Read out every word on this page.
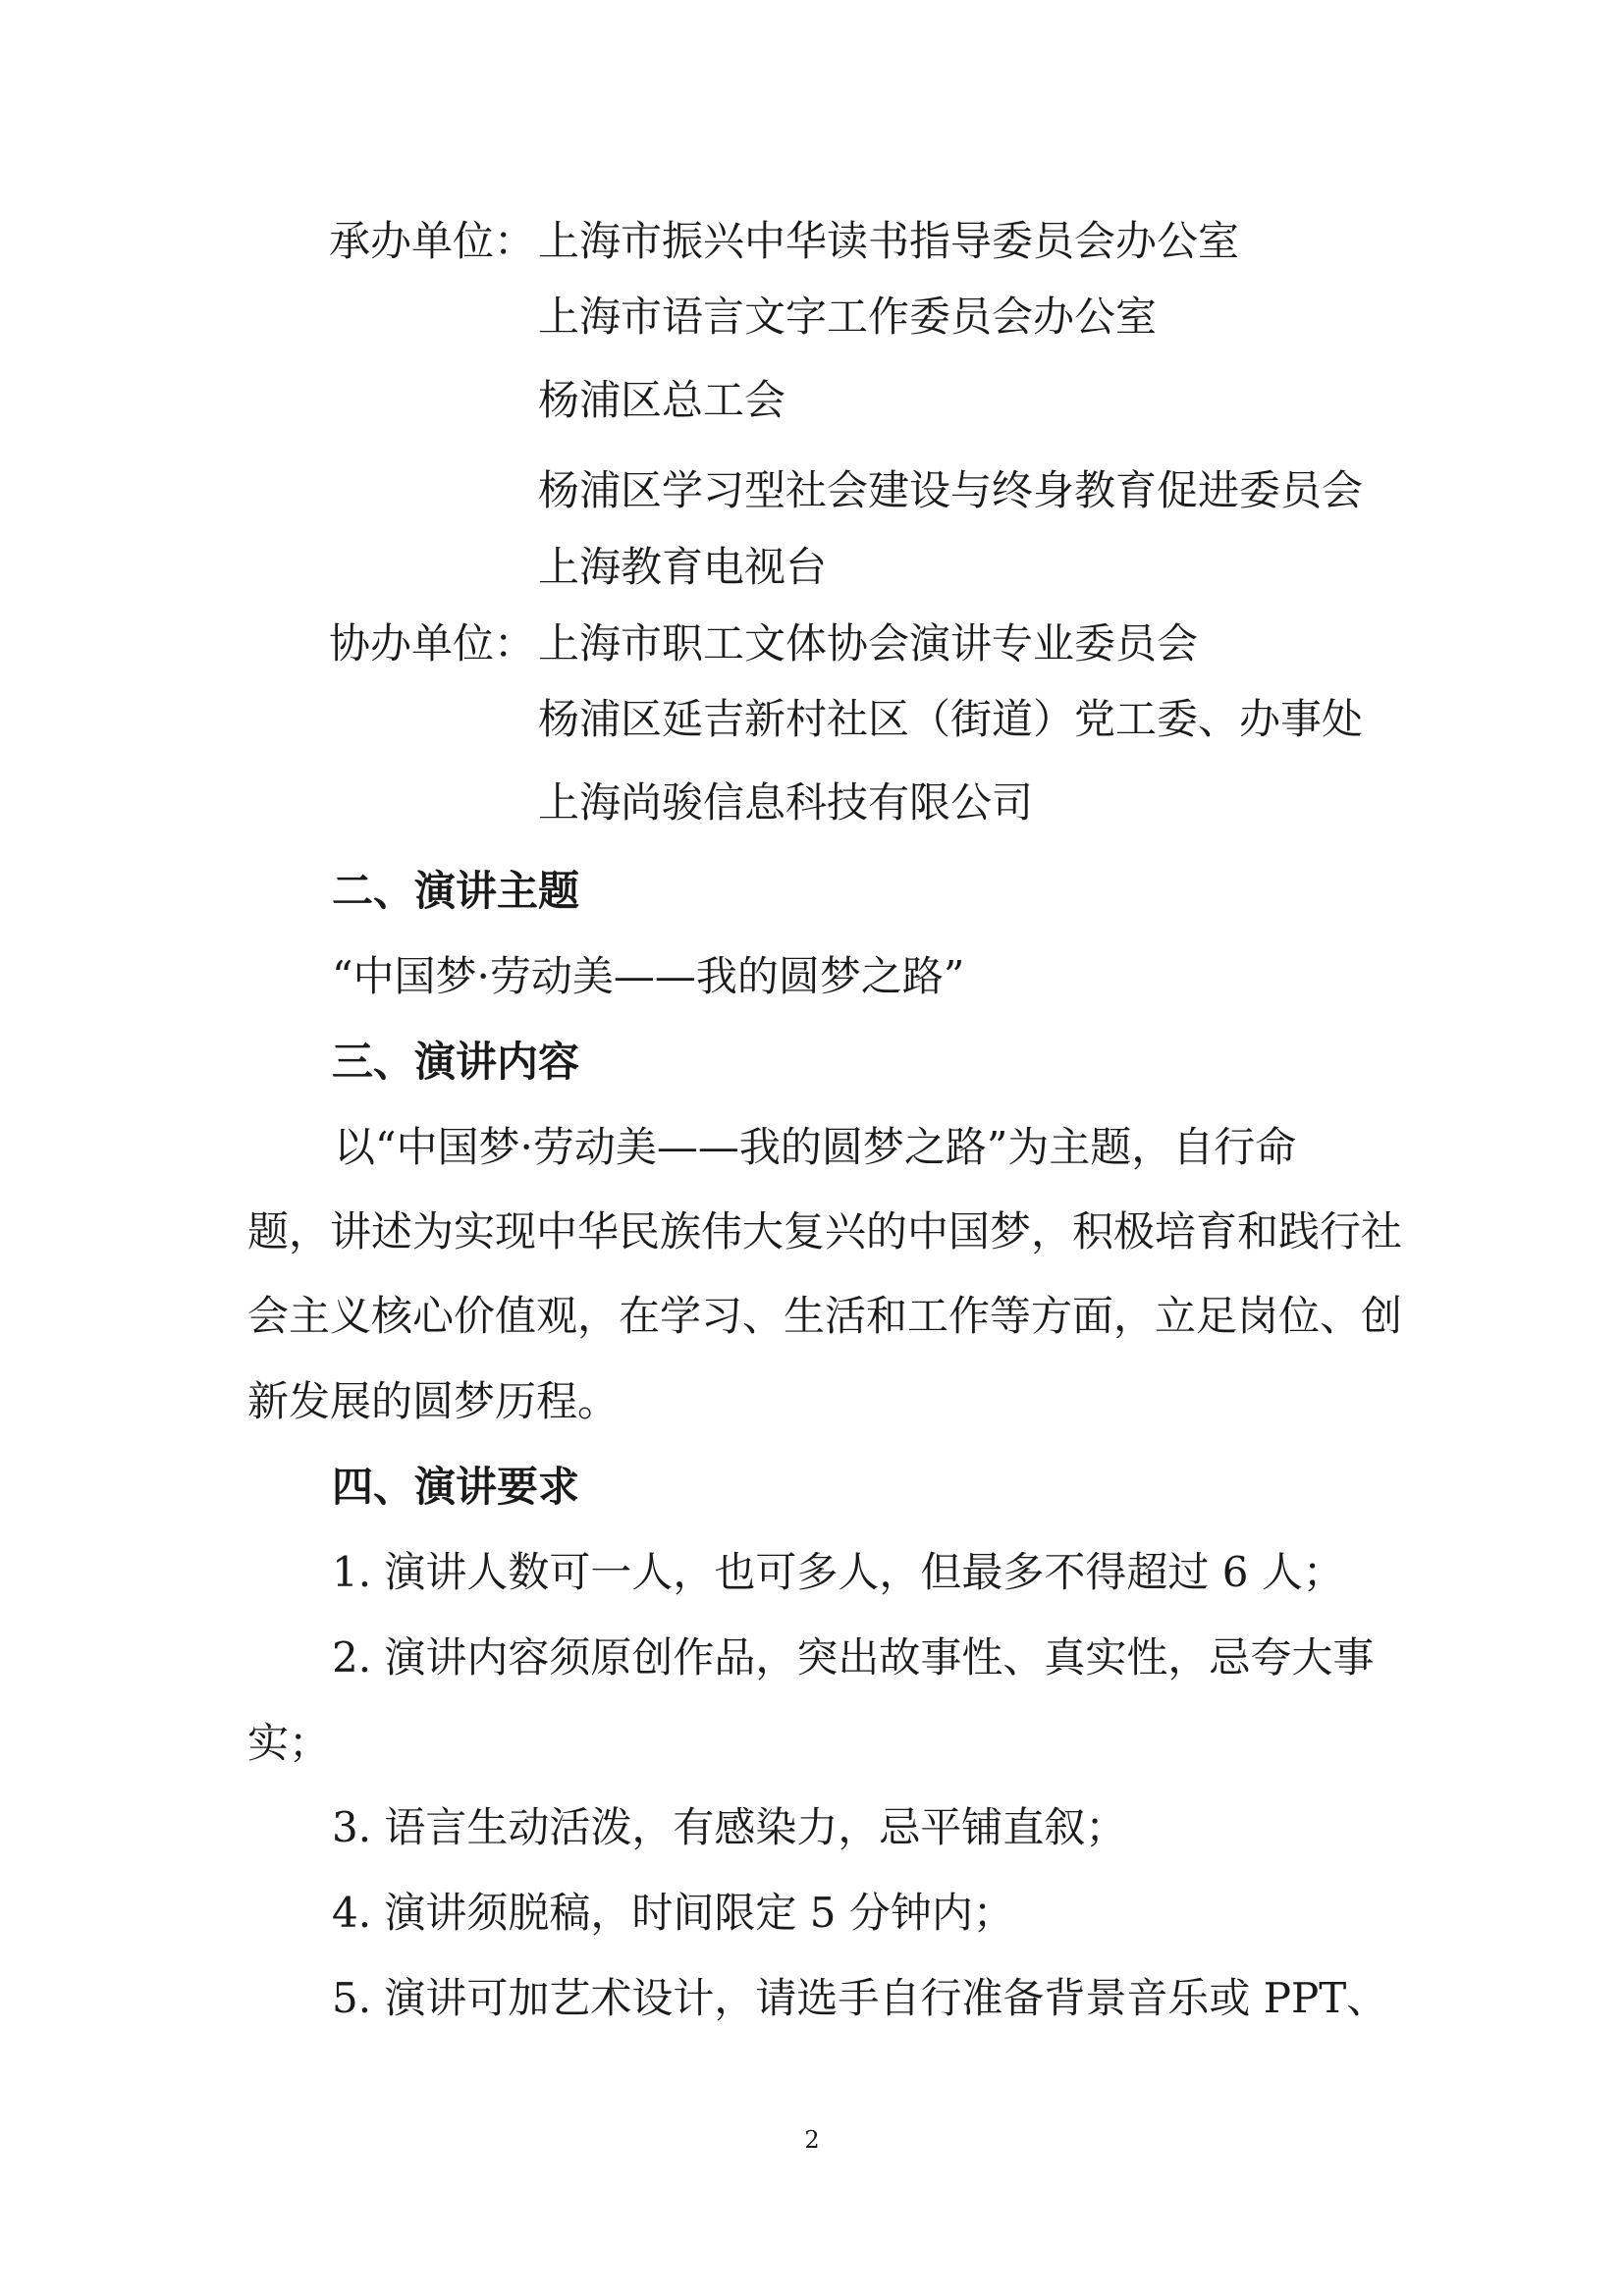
承办单位：上海市振兴中华读书指导委员会办公室
上海市语言文字工作委员会办公室
杨浦区总工会
杨浦区学习型社会建设与终身教育促进委员会
上海教育电视台
协办单位：上海市职工文体协会演讲专业委员会
杨浦区延吉新村社区（街道）党工委、办事处
上海尚骏信息科技有限公司
二、演讲主题
“中国梦·劳动美——我的圆梦之路”
三、演讲内容
以“中国梦·劳动美——我的圆梦之路”为主题，自行命
题，讲述为实现中华民族伟大复兴的中国梦，积极培育和践行社
会主义核心价值观，在学习、生活和工作等方面，立足岗位、创
新发展的圆梦历程。
四、演讲要求
1. 演讲人数可一人，也可多人，但最多不得超过 6 人；
2. 演讲内容须原创作品，突出故事性、真实性，忌夸大事
实；
3. 语言生动活泼，有感染力，忌平铺直叙；
4. 演讲须脱稿，时间限定 5 分钟内；
5. 演讲可加艺术设计，请选手自行准备背景音乐或 PPT、
2
